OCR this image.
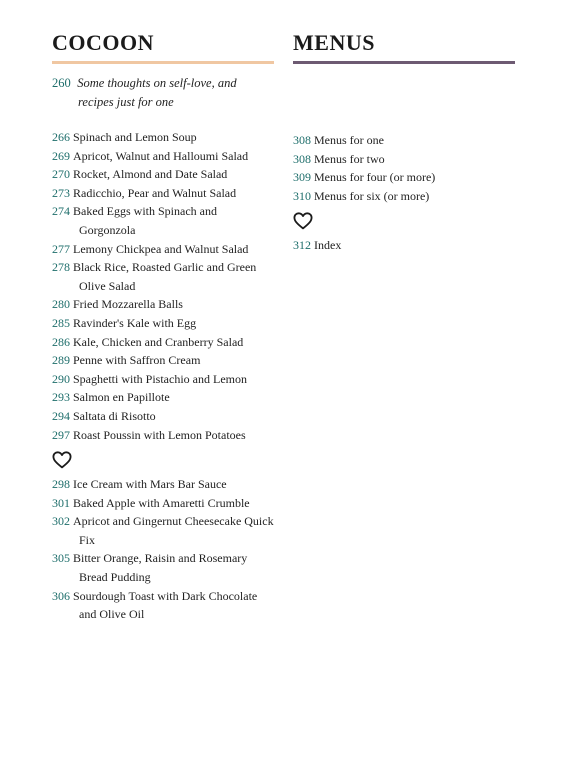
COCOON
260 Some thoughts on self-love, and recipes just for one
266 Spinach and Lemon Soup
269 Apricot, Walnut and Halloumi Salad
270 Rocket, Almond and Date Salad
273 Radicchio, Pear and Walnut Salad
274 Baked Eggs with Spinach and Gorgonzola
277 Lemony Chickpea and Walnut Salad
278 Black Rice, Roasted Garlic and Green Olive Salad
280 Fried Mozzarella Balls
285 Ravinder's Kale with Egg
286 Kale, Chicken and Cranberry Salad
289 Penne with Saffron Cream
290 Spaghetti with Pistachio and Lemon
293 Salmon en Papillote
294 Saltata di Risotto
297 Roast Poussin with Lemon Potatoes
298 Ice Cream with Mars Bar Sauce
301 Baked Apple with Amaretti Crumble
302 Apricot and Gingernut Cheesecake Quick Fix
305 Bitter Orange, Raisin and Rosemary Bread Pudding
306 Sourdough Toast with Dark Chocolate and Olive Oil
MENUS
308 Menus for one
308 Menus for two
309 Menus for four (or more)
310 Menus for six (or more)
312 Index
